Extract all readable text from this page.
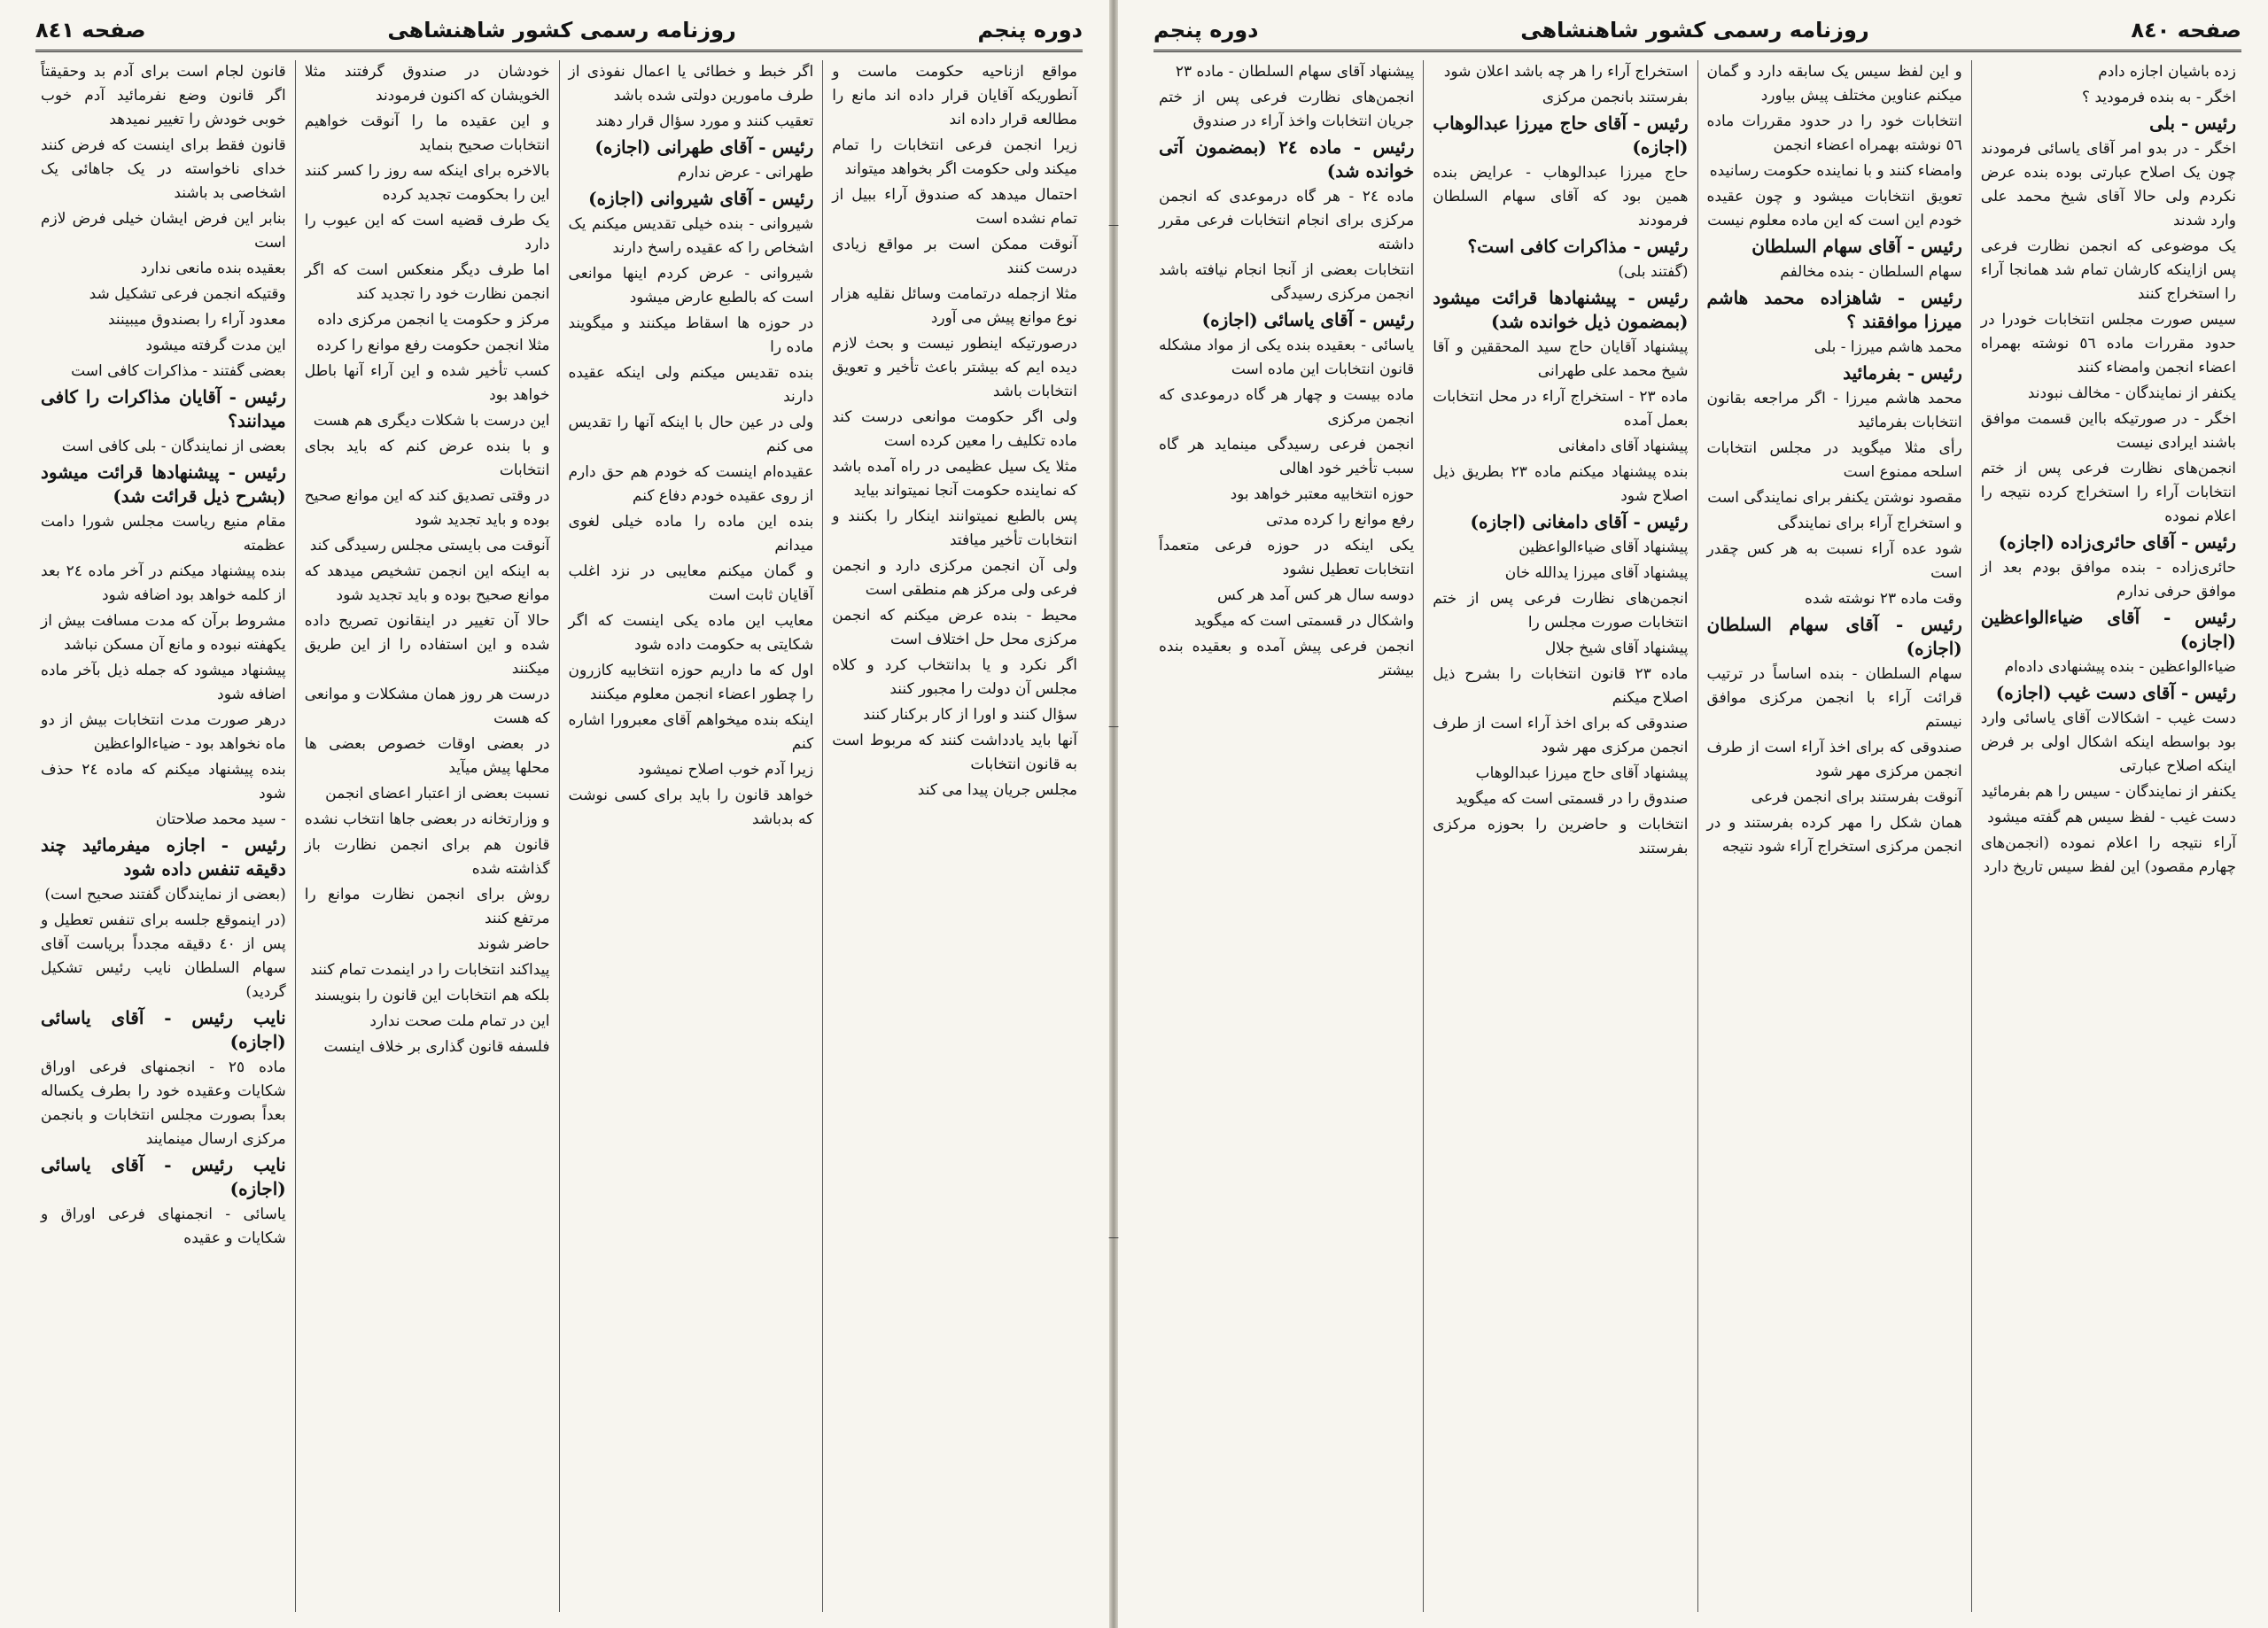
دوره پنجم
روزنامه رسمی کشور شاهنشاهی
صفحه ٨٤١

مواقع ازناحیه حکومت ماست و آنطوریکه آقایان قرار داده اند مانع را مطالعه قرار داده اند

زیرا انجمن فرعی انتخابات را تمام میکند ولی حکومت اگر بخواهد میتواند

احتمال میدهد که صندوق آراء ببیل از تمام نشده است

آنوقت ممکن است بر مواقع زیادی درست کنند

مثلا ازجمله درتمامت وسائل نقلیه هزار نوع موانع پیش می آورد

درصورتیکه اینطور نیست و بحث لازم دیده ایم که بیشتر باعث تأخیر و تعویق انتخابات باشد

ولی اگر حکومت موانعی درست کند ماده تکلیف را معین کرده است

مثلا یک سیل عظیمی در راه آمده باشد که نماینده حکومت آنجا نمیتواند بیاید

پس بالطبع نمیتوانند اینکار را بکنند و انتخابات تأخیر میافتد

ولی آن انجمن مرکزی دارد و انجمن فرعی ولی مرکز هم منطقی است

محیط - بنده عرض میکنم که انجمن مرکزی محل حل اختلاف است

اگر نکرد و یا بدانتخاب کرد و کلاه مجلس آن دولت را مجبور کنند

سؤال کنند و اورا از کار برکنار کنند

آنها باید یادداشت کنند که مربوط است به قانون انتخابات

مجلس جریان پیدا می کند

اگر خبط و خطائی یا اعمال نفوذی از طرف مامورین دولتی شده باشد

تعقیب کنند و مورد سؤال قرار دهند

رئیس - آقای طهرانی (اجازه)

طهرانی - عرض ندارم

رئیس - آقای شیروانی (اجازه)

شیروانی - بنده خیلی تقدیس میکنم یک اشخاص را که عقیده راسخ دارند

شیروانی - عرض کردم اینها موانعی است که بالطبع عارض میشود

در حوزه ها اسقاط میکنند و میگویند ماده را

بنده تقدیس میکنم ولی اینکه عقیده دارند

ولی در عین حال با اینکه آنها را تقدیس می کنم

عقیده‌ام اینست که خودم هم حق دارم از روی عقیده خودم دفاع کنم

بنده این ماده را ماده خیلی لغوی میدانم

و گمان میکنم معایبی در نزد اغلب آقایان ثابت است

معایب این ماده یکی اینست که اگر شکایتی به حکومت داده شود

اول که ما داریم حوزه انتخابیه کازرون را چطور اعضاء انجمن معلوم میکنند

اینکه بنده میخواهم آقای معبرورا اشاره کنم

زیرا آدم خوب اصلاح نمیشود

خواهد قانون را باید برای کسی نوشت که بدباشد

خودشان در صندوق گرفتند مثلا الخویشان که اکنون فرمودند

و این عقیده ما را آنوقت خواهیم انتخابات صحیح بنماید

بالاخره برای اینکه سه روز را کسر کنند این را بحکومت تجدید کرده

یک طرف قضیه است که این عیوب را دارد

اما طرف دیگر منعکس است که اگر انجمن نظارت خود را تجدید کند

مرکز و حکومت یا انجمن مرکزی داده

مثلا انجمن حکومت رفع موانع را کرده

کسب تأخیر شده و این آراء آنها باطل خواهد بود

این درست با شکلات دیگری هم هست

و با بنده عرض کنم که باید بجای انتخابات

در وقتی تصدیق کند که این موانع صحیح بوده و باید تجدید شود

آنوقت می بایستی مجلس رسیدگی کند

به اینکه این انجمن تشخیص میدهد که موانع صحیح بوده و باید تجدید شود

حالا آن تغییر در اینقانون تصریح داده شده و این استفاده را از این طریق میکنند

درست هر روز همان مشکلات و موانعی که هست

در بعضی اوقات خصوص بعضی ها محلها پیش میآید

نسبت بعضی از اعتبار اعضای انجمن

و وزارتخانه در بعضی جاها انتخاب نشده

قانون هم برای انجمن نظارت باز گذاشته شده

روش برای انجمن نظارت موانع را مرتفع کنند

حاضر شوند

پیداکند انتخابات را در اینمدت تمام کنند

بلکه هم انتخابات این قانون را بنویسند

این در تمام ملت صحت ندارد

فلسفه قانون گذاری بر خلاف اینست

قانون لجام است برای آدم بد وحقیقتاً اگر قانون وضع نفرمائید آدم خوب خوبی خودش را تغییر نمیدهد

قانون فقط برای اینست که فرض کنند خدای ناخواسته در یک جاهائی یک اشخاصی بد باشند

بنابر این فرض ایشان خیلی فرض لازم است

بعقیده بنده مانعی ندارد

وقتیکه انجمن فرعی تشکیل شد

معدود آراء را بصندوق میبینند

این مدت گرفته میشود

بعضی گفتند - مذاکرات کافی است

رئیس - آقایان مذاکرات را کافی میدانند؟

بعضی از نمایندگان - بلی کافی است

رئیس - پیشنهادها قرائت میشود (بشرح ذیل قرائت شد)

مقام منیع ریاست مجلس شورا دامت عظمته

بنده پیشنهاد میکنم در آخر ماده ٢٤ بعد از کلمه خواهد بود اضافه شود

مشروط برآن که مدت مسافت بیش از یکهفته نبوده و مانع آن مسکن نباشد

پیشنهاد میشود که جمله ذیل بآخر ماده اضافه شود

درهر صورت مدت انتخابات بیش از دو ماه نخواهد بود - ضیاءالواعظین

بنده پیشنهاد میکنم که ماده ٢٤ حذف شود

- سید محمد صلاحتان

رئیس - اجازه میفرمائید چند دقیقه تنفس داده شود

(بعضی از نمایندگان گفتند صحیح است)

(در اینموقع جلسه برای تنفس تعطیل و پس از ٤٠ دقیقه مجدداً بریاست آقای سهام السلطان نایب رئیس تشکیل گردید)

نایب رئیس - آقای یاسائی (اجازه)

ماده ٢٥ - انجمنهای فرعی اوراق شکایات وعقیده خود را بطرف یکساله بعداً بصورت مجلس انتخابات و بانجمن مرکزی ارسال مینمایند

نایب رئیس - آقای یاسائی (اجازه)

یاسائی - انجمنهای فرعی اوراق و شکایات و عقیده

—
—
—
صفحه ٨٤٠
روزنامه رسمی کشور شاهنشاهی
دوره پنجم

زده باشیان اجازه دادم

اخگر - به بنده فرمودید ؟

رئیس - بلی

اخگر - در بدو امر آقای یاسائی فرمودند چون یک اصلاح عبارتی بوده بنده عرض نکردم ولی حالا آقای شیخ محمد علی وارد شدند

یک موضوعی که انجمن نظارت فرعی پس ازاینکه کارشان تمام شد همانجا آراء را استخراج کنند

سیس صورت مجلس انتخابات خودرا در حدود مقررات ماده ٥٦ نوشته بهمراه اعضاء انجمن وامضاء کنند

یکنفر از نمایندگان - مخالف نبودند

اخگر - در صورتیکه بااین قسمت موافق باشند ایرادی نیست

انجمن‌های نظارت فرعی پس از ختم انتخابات آراء را استخراج کرده نتیجه را اعلام نموده

رئیس - آقای حائری‌زاده (اجازه)

حائری‌زاده - بنده موافق بودم بعد از موافق حرفی ندارم

رئیس - آقای ضیاءالواعظین (اجازه)

ضیاءالواعظین - بنده پیشنهادی داده‌ام

رئیس - آقای دست غیب (اجازه)

دست غیب - اشکالات آقای یاسائی وارد بود بواسطه اینکه اشکال اولی بر فرض اینکه اصلاح عبارتی

یکنفر از نمایندگان - سیس را هم بفرمائید

دست غیب - لفظ سیس هم گفته میشود

آراء نتیجه را اعلام نموده (انجمن‌های چهارم مقصود) این لفظ سیس تاریخ دارد

و این لفظ سیس یک سابقه دارد و گمان میکنم عناوین مختلف پیش بیاورد

انتخابات خود را در حدود مقررات ماده ٥٦ نوشته بهمراه اعضاء انجمن

وامضاء کنند و با نماینده حکومت رسانیده

تعویق انتخابات میشود و چون عقیده خودم این است که این ماده معلوم نیست

رئیس - آقای سهام السلطان

سهام السلطان - بنده مخالفم

رئیس - شاهزاده محمد هاشم میرزا موافقند ؟

محمد هاشم میرزا - بلی

رئیس - بفرمائید

محمد هاشم میرزا - اگر مراجعه بقانون انتخابات بفرمائید

رأی مثلا میگوید در مجلس انتخابات اسلحه ممنوع است

مقصود نوشتن یکنفر برای نمایندگی است

و استخراج آراء برای نمایندگی

شود عده آراء نسبت به هر کس چقدر است

وقت ماده ٢٣ نوشته شده

رئیس - آقای سهام السلطان (اجازه)

سهام السلطان - بنده اساساً در ترتیب قرائت آراء با انجمن مرکزی موافق نیستم

صندوقی که برای اخذ آراء است از طرف انجمن مرکزی مهر شود

آنوقت بفرستند برای انجمن فرعی

همان شکل را مهر کرده بفرستند و در انجمن مرکزی استخراج آراء شود نتیجه

استخراج آراء را هر چه باشد اعلان شود

بفرستند بانجمن مرکزی

رئیس - آقای حاج میرزا عبدالوهاب (اجازه)

حاج میرزا عبدالوهاب - عرایض بنده همین بود که آقای سهام السلطان فرمودند

رئیس - مذاکرات کافی است؟

(گفتند بلی)

رئیس - پیشنهادها قرائت میشود (بمضمون ذیل خوانده شد)

پیشنهاد آقایان حاج سید المحققین و آقا شیخ محمد علی طهرانی

ماده ٢٣ - استخراج آراء در محل انتخابات بعمل آمده

پیشنهاد آقای دامغانی

بنده پیشنهاد میکنم ماده ٢٣ بطریق ذیل اصلاح شود

رئیس - آقای دامغانی (اجازه)

پیشنهاد آقای ضیاءالواعظین

پیشنهاد آقای میرزا یدالله خان

انجمن‌های نظارت فرعی پس از ختم انتخابات صورت مجلس را

پیشنهاد آقای شیخ جلال

ماده ٢٣ قانون انتخابات را بشرح ذیل اصلاح میکنم

صندوقی که برای اخذ آراء است از طرف انجمن مرکزی مهر شود

پیشنهاد آقای حاج میرزا عبدالوهاب

صندوق را در قسمتی است که میگوید

انتخابات و حاضرین را بحوزه مرکزی بفرستند

پیشنهاد آقای سهام السلطان - ماده ٢٣

انجمن‌های نظارت فرعی پس از ختم جریان انتخابات واخذ آراء در صندوق

رئیس - ماده ٢٤ (بمضمون آتی خوانده شد)

ماده ٢٤ - هر گاه درموعدی که انجمن مرکزی برای انجام انتخابات فرعی مقرر داشته

انتخابات بعضی از آنجا انجام نیافته باشد انجمن مرکزی رسیدگی

رئیس - آقای یاسائی (اجازه)

یاسائی - بعقیده بنده یکی از مواد مشکله قانون انتخابات این ماده است

ماده بیست و چهار هر گاه درموعدی که انجمن مرکزی

انجمن فرعی رسیدگی مینماید هر گاه سبب تأخیر خود اهالی

حوزه انتخابیه معتبر خواهد بود

رفع موانع را کرده مدتی

یکی اینکه در حوزه فرعی متعمداً انتخابات تعطیل نشود

دوسه سال هر کس آمد هر کس

واشکال در قسمتی است که میگوید

انجمن فرعی پیش آمده و بعقیده بنده بیشتر
